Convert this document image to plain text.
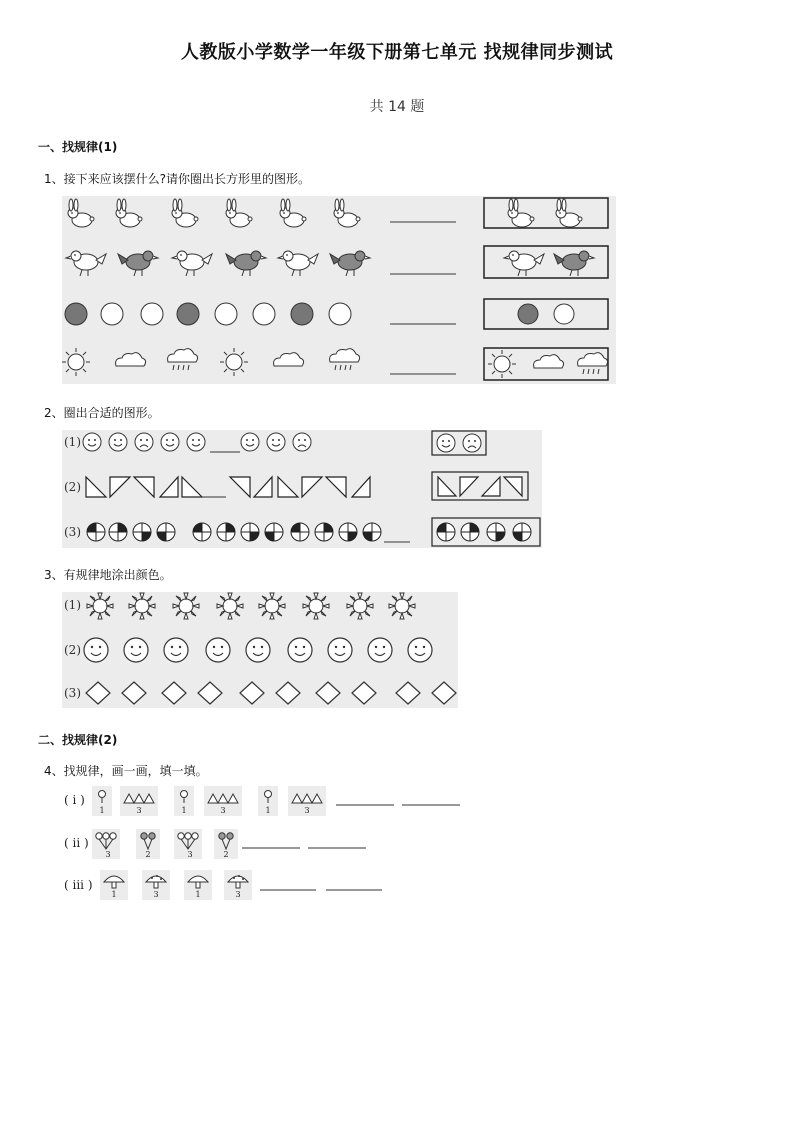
人教版小学数学一年级下册第七单元 找规律同步测试
共 14 题
一、找规律(1)
1、接下来应该摆什么?请你圈出长方形里的图形。
2、圈出合适的图形。
(1)
(2)
(3)
3、有规律地涂出颜色。
(1)
(2)
(3)
二、找规律(2)
4、找规律，画一画，填一填。
( i )
( ii )
( iii )
1	3	1	3	1	3
3	2	3	2
1	3	1	3
